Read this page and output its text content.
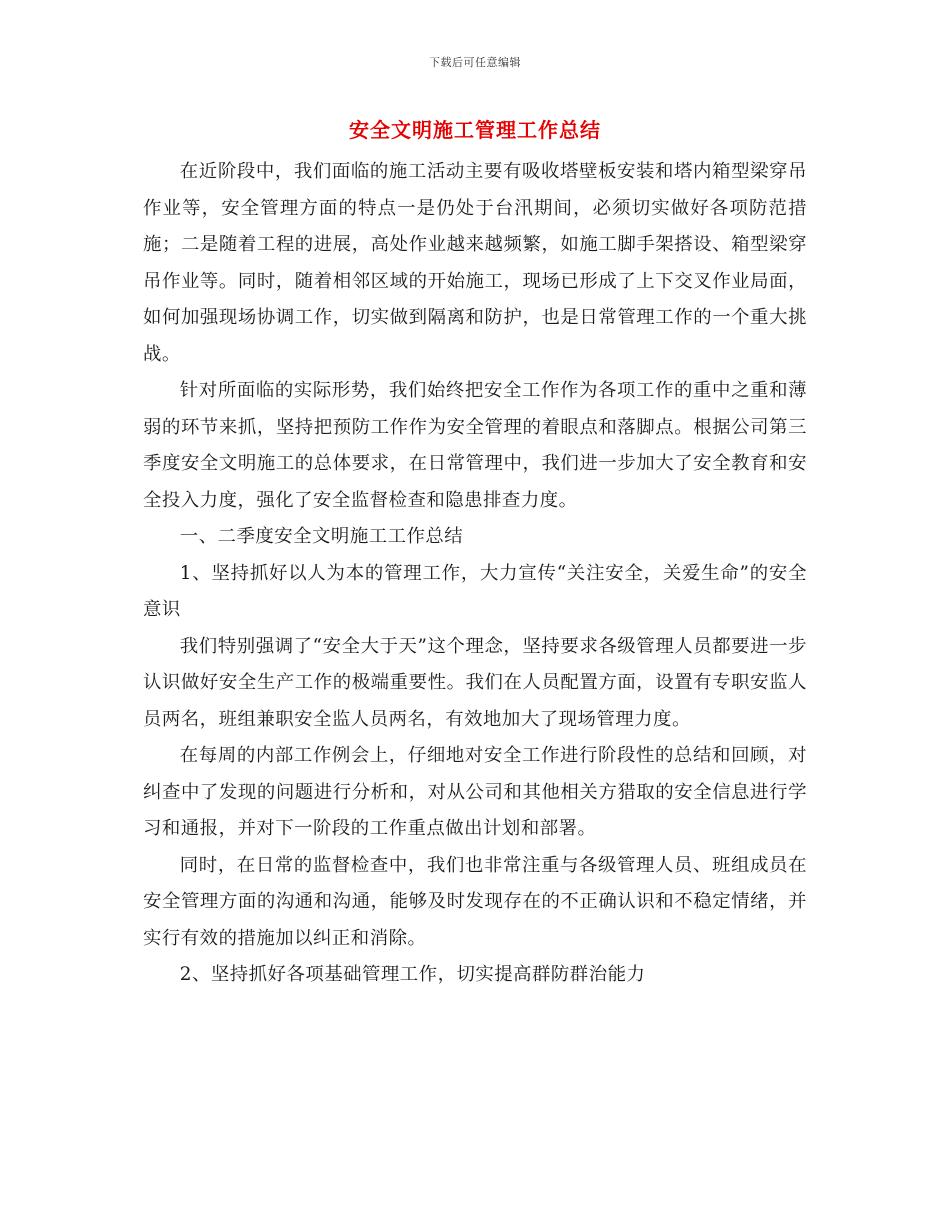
下载后可任意编辑
安全文明施工管理工作总结

在近阶段中，我们面临的施工活动主要有吸收塔壁板安装和塔内箱型梁穿吊作业等，安全管理方面的特点一是仍处于台汛期间，必须切实做好各项防范措施；二是随着工程的进展，高处作业越来越频繁，如施工脚手架搭设、箱型梁穿吊作业等。同时，随着相邻区域的开始施工，现场已形成了上下交叉作业局面，如何加强现场协调工作，切实做到隔离和防护，也是日常管理工作的一个重大挑战。

针对所面临的实际形势，我们始终把安全工作作为各项工作的重中之重和薄弱的环节来抓，坚持把预防工作作为安全管理的着眼点和落脚点。根据公司第三季度安全文明施工的总体要求，在日常管理中，我们进一步加大了安全教育和安全投入力度，强化了安全监督检查和隐患排查力度。

一、二季度安全文明施工工作总结

1、坚持抓好以人为本的管理工作，大力宣传“关注安全，关爱生命”的安全意识

我们特别强调了“安全大于天”这个理念，坚持要求各级管理人员都要进一步认识做好安全生产工作的极端重要性。我们在人员配置方面，设置有专职安监人员两名，班组兼职安全监人员两名，有效地加大了现场管理力度。

在每周的内部工作例会上，仔细地对安全工作进行阶段性的总结和回顾，对纠查中了发现的问题进行分析和，对从公司和其他相关方猎取的安全信息进行学习和通报，并对下一阶段的工作重点做出计划和部署。

同时，在日常的监督检查中，我们也非常注重与各级管理人员、班组成员在安全管理方面的沟通和沟通，能够及时发现存在的不正确认识和不稳定情绪，并实行有效的措施加以纠正和消除。

2、坚持抓好各项基础管理工作，切实提高群防群治能力
